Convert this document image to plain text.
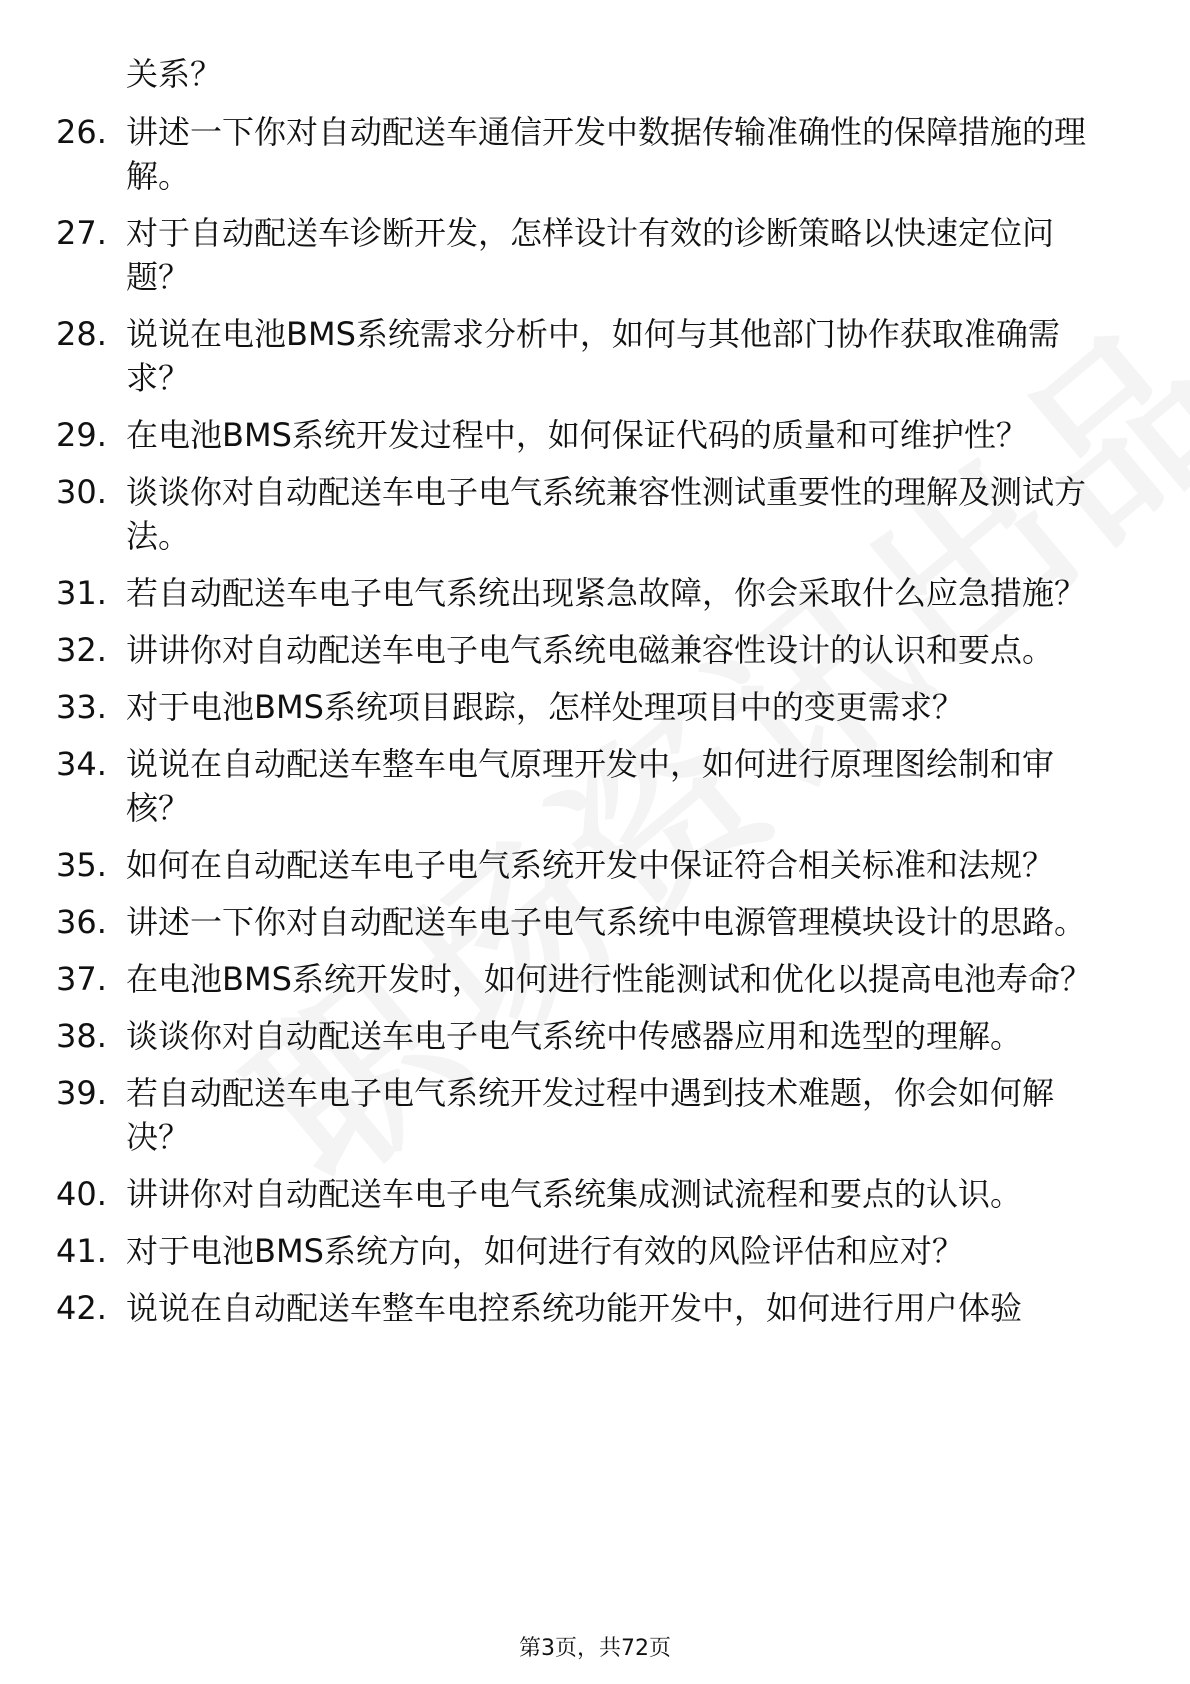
关系？

26. 讲述一下你对自动配送车通信开发中数据传输准确性的保障措施的理解。
27. 对于自动配送车诊断开发，怎样设计有效的诊断策略以快速定位问题？
28. 说说在电池BMS系统需求分析中，如何与其他部门协作获取准确需求？
29. 在电池BMS系统开发过程中，如何保证代码的质量和可维护性？
30. 谈谈你对自动配送车电子电气系统兼容性测试重要性的理解及测试方法。
31. 若自动配送车电子电气系统出现紧急故障，你会采取什么应急措施？
32. 讲讲你对自动配送车电子电气系统电磁兼容性设计的认识和要点。
33. 对于电池BMS系统项目跟踪，怎样处理项目中的变更需求？
34. 说说在自动配送车整车电气原理开发中，如何进行原理图绘制和审核？
35. 如何在自动配送车电子电气系统开发中保证符合相关标准和法规？
36. 讲述一下你对自动配送车电子电气系统中电源管理模块设计的思路。
37. 在电池BMS系统开发时，如何进行性能测试和优化以提高电池寿命？
38. 谈谈你对自动配送车电子电气系统中传感器应用和选型的理解。
39. 若自动配送车电子电气系统开发过程中遇到技术难题，你会如何解决？
40. 讲讲你对自动配送车电子电气系统集成测试流程和要点的认识。
41. 对于电池BMS系统方向，如何进行有效的风险评估和应对？
42. 说说在自动配送车整车电控系统功能开发中，如何进行用户体验
第3页，共72页
